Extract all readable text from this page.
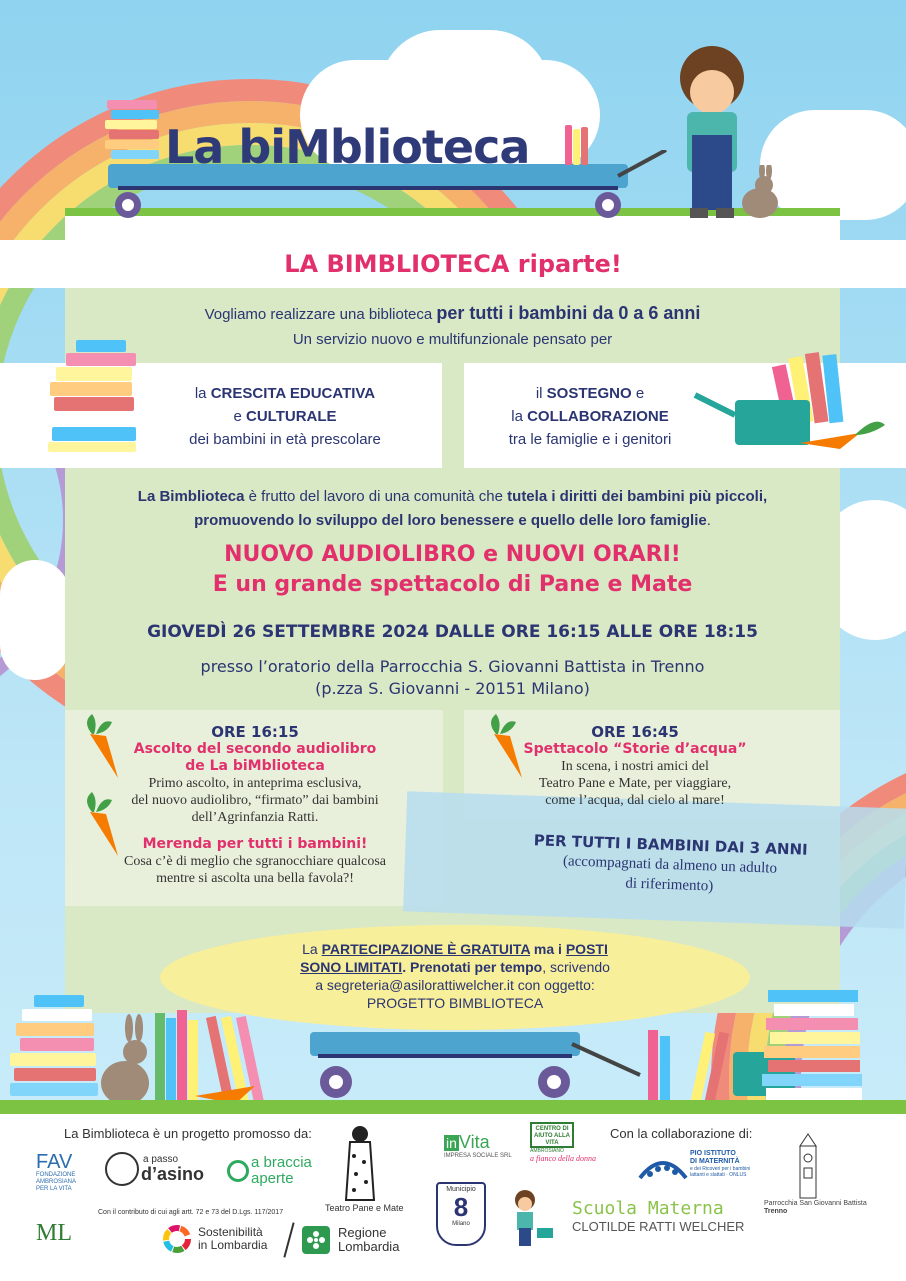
La biMblioteca
LA BIMBLIOTECA riparte!
Vogliamo realizzare una biblioteca per tutti i bambini da 0 a 6 anni
Un servizio nuovo e multifunzionale pensato per
la CRESCITA EDUCATIVA
e CULTURALE
dei bambini in età prescolare
il SOSTEGNO e
la COLLABORAZIONE
tra le famiglie e i genitori
La Bimblioteca è frutto del lavoro di una comunità che tutela i diritti dei bambini più piccoli,
promuovendo lo sviluppo del loro benessere e quello delle loro famiglie.
NUOVO AUDIOLIBRO e NUOVI ORARI!
E un grande spettacolo di Pane e Mate
GIOVEDÌ 26 SETTEMBRE 2024 DALLE ORE 16:15 ALLE ORE 18:15
presso l’oratorio della Parrocchia S. Giovanni Battista in Trenno
(p.zza S. Giovanni - 20151 Milano)
ORE 16:15
Ascolto del secondo audiolibro
de La biMblioteca
Primo ascolto, in anteprima esclusiva,
del nuovo audiolibro, “firmato” dai bambini
dell’Agrinfanzia Ratti.
Merenda per tutti i bambini!
Cosa c’è di meglio che sgranocchiare qualcosa
mentre si ascolta una bella favola?!
ORE 16:45
Spettacolo “Storie d’acqua”
In scena, i nostri amici del
Teatro Pane e Mate, per viaggiare,
come l’acqua, dal cielo al mare!
PER TUTTI I BAMBINI DAI 3 ANNI
(accompagnati da almeno un adulto
di riferimento)
La PARTECIPAZIONE È GRATUITA ma i POSTI
SONO LIMITATI. Prenotati per tempo, scrivendo
a segreteria@asilorattiwelcher.it con oggetto:
PROGETTO BIMBLIOTECA
La Bimblioteca è un progetto promosso da:	Con la collaborazione di:
FAV
FONDAZIONE AMBROSIANA PER LA VITA
a passo
d’asino
a braccia
aperte
Teatro Pane e Mate
Con il contributo di cui agli artt. 72 e 73 del D.Lgs. 117/2017
in Vita
IMPRESA SOCIALE SRL
CENTRO DI AIUTO ALLA VITA
AMBROSIANO
a fianco della donna
PIO ISTITUTO
DI MATERNITÀ
e dei Ricoveri per i bambini lattanti e slattati · ONLUS
Parrocchia San Giovanni Battista
Trenno
ML	Sostenibilità
in Lombardia
Regione
Lombardia
Municipio
8
Milano
Scuola Materna
CLOTILDE RATTI WELCHER
